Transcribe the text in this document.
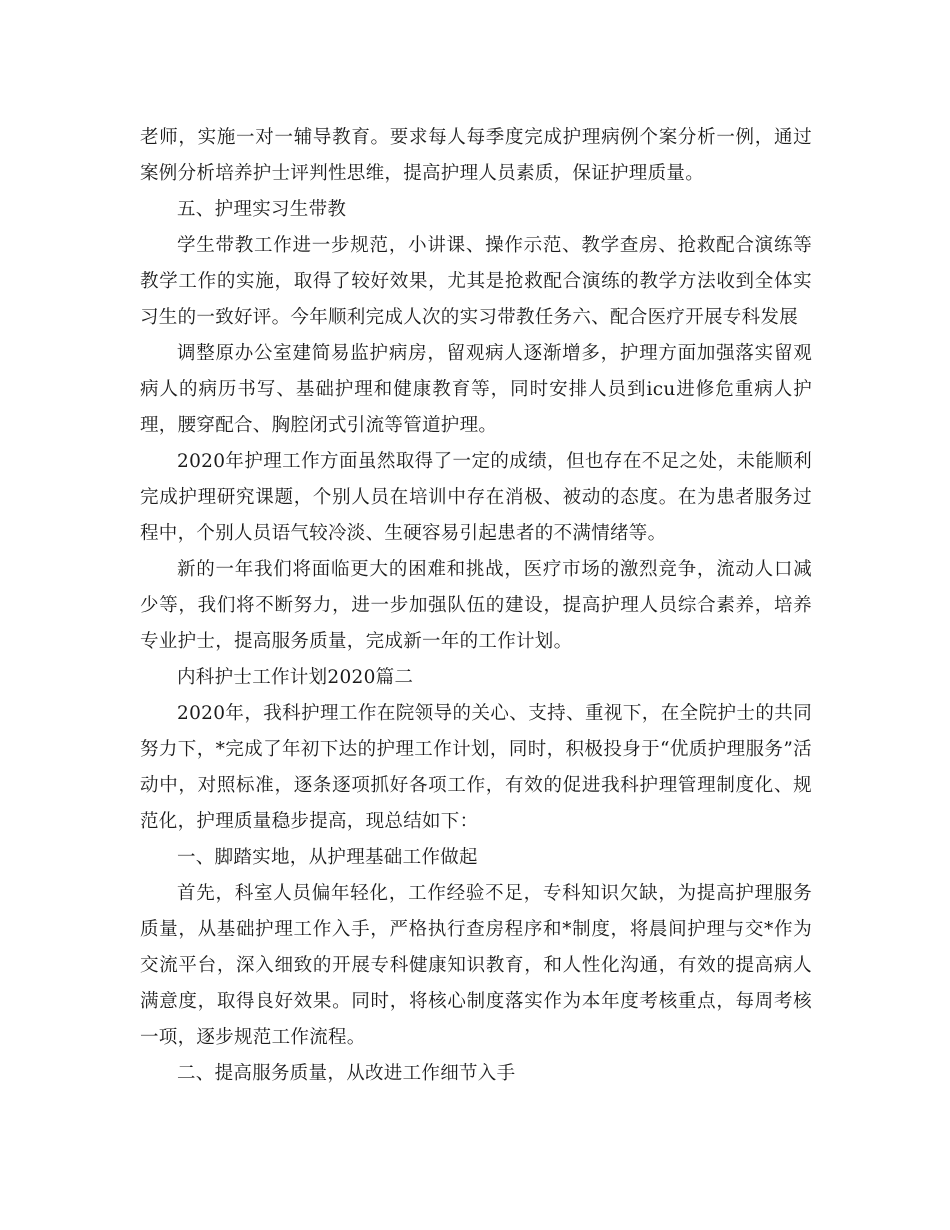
老师，实施一对一辅导教育。要求每人每季度完成护理病例个案分析一例，通过案例分析培养护士评判性思维，提高护理人员素质，保证护理质量。

五、护理实习生带教

学生带教工作进一步规范，小讲课、操作示范、教学查房、抢救配合演练等教学工作的实施，取得了较好效果，尤其是抢救配合演练的教学方法收到全体实习生的一致好评。今年顺利完成人次的实习带教任务六、配合医疗开展专科发展

调整原办公室建简易监护病房，留观病人逐渐增多，护理方面加强落实留观病人的病历书写、基础护理和健康教育等，同时安排人员到icu进修危重病人护理，腰穿配合、胸腔闭式引流等管道护理。

2020年护理工作方面虽然取得了一定的成绩，但也存在不足之处，未能顺利完成护理研究课题，个别人员在培训中存在消极、被动的态度。在为患者服务过程中，个别人员语气较冷淡、生硬容易引起患者的不满情绪等。

新的一年我们将面临更大的困难和挑战，医疗市场的激烈竞争，流动人口减少等，我们将不断努力，进一步加强队伍的建设，提高护理人员综合素养，培养专业护士，提高服务质量，完成新一年的工作计划。

内科护士工作计划2020篇二

2020年，我科护理工作在院领导的关心、支持、重视下，在全院护士的共同努力下，*完成了年初下达的护理工作计划，同时，积极投身于“优质护理服务”活动中，对照标准，逐条逐项抓好各项工作，有效的促进我科护理管理制度化、规范化，护理质量稳步提高，现总结如下：

一、脚踏实地，从护理基础工作做起

首先，科室人员偏年轻化，工作经验不足，专科知识欠缺，为提高护理服务质量，从基础护理工作入手，严格执行查房程序和*制度，将晨间护理与交*作为交流平台，深入细致的开展专科健康知识教育，和人性化沟通，有效的提高病人满意度，取得良好效果。同时，将核心制度落实作为本年度考核重点，每周考核一项，逐步规范工作流程。

二、提高服务质量，从改进工作细节入手
